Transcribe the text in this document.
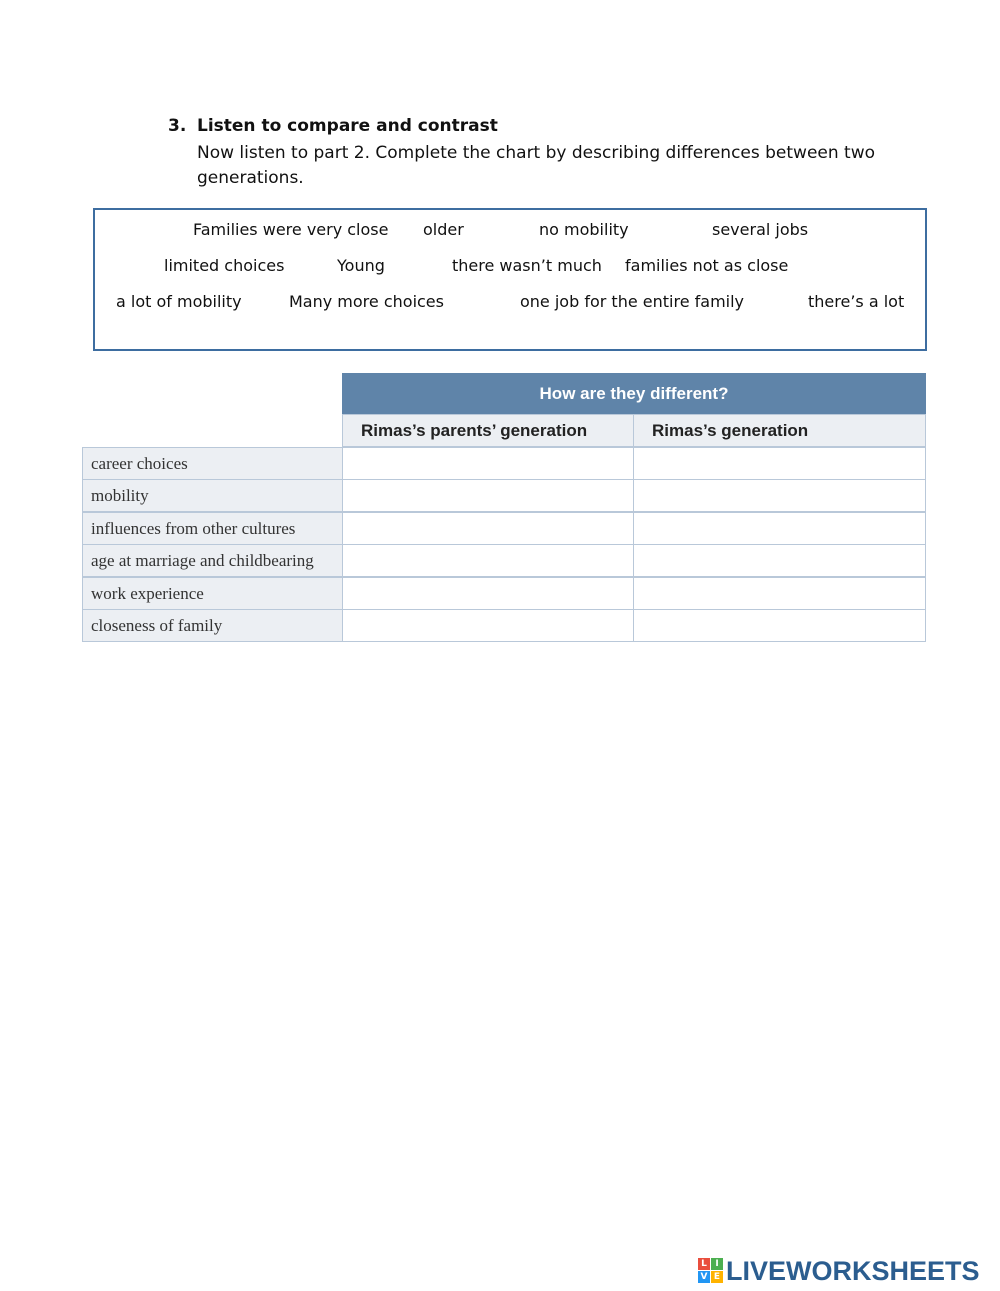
3. Listen to compare and contrast
Now listen to part 2. Complete the chart by describing differences between two generations.
Families were very close older	no mobility	several jobs
limited choices	Young	there wasn’t much families not as close
a lot of mobility	Many more choices	one job for the entire family	there’s a lot
How are they different?
Rimas’s parents’ generation	Rimas’s generation
career choices
mobility
influences from other cultures
age at marriage and childbearing
work experience
closeness of family
L I
V E LIVEWORKSHEETS
